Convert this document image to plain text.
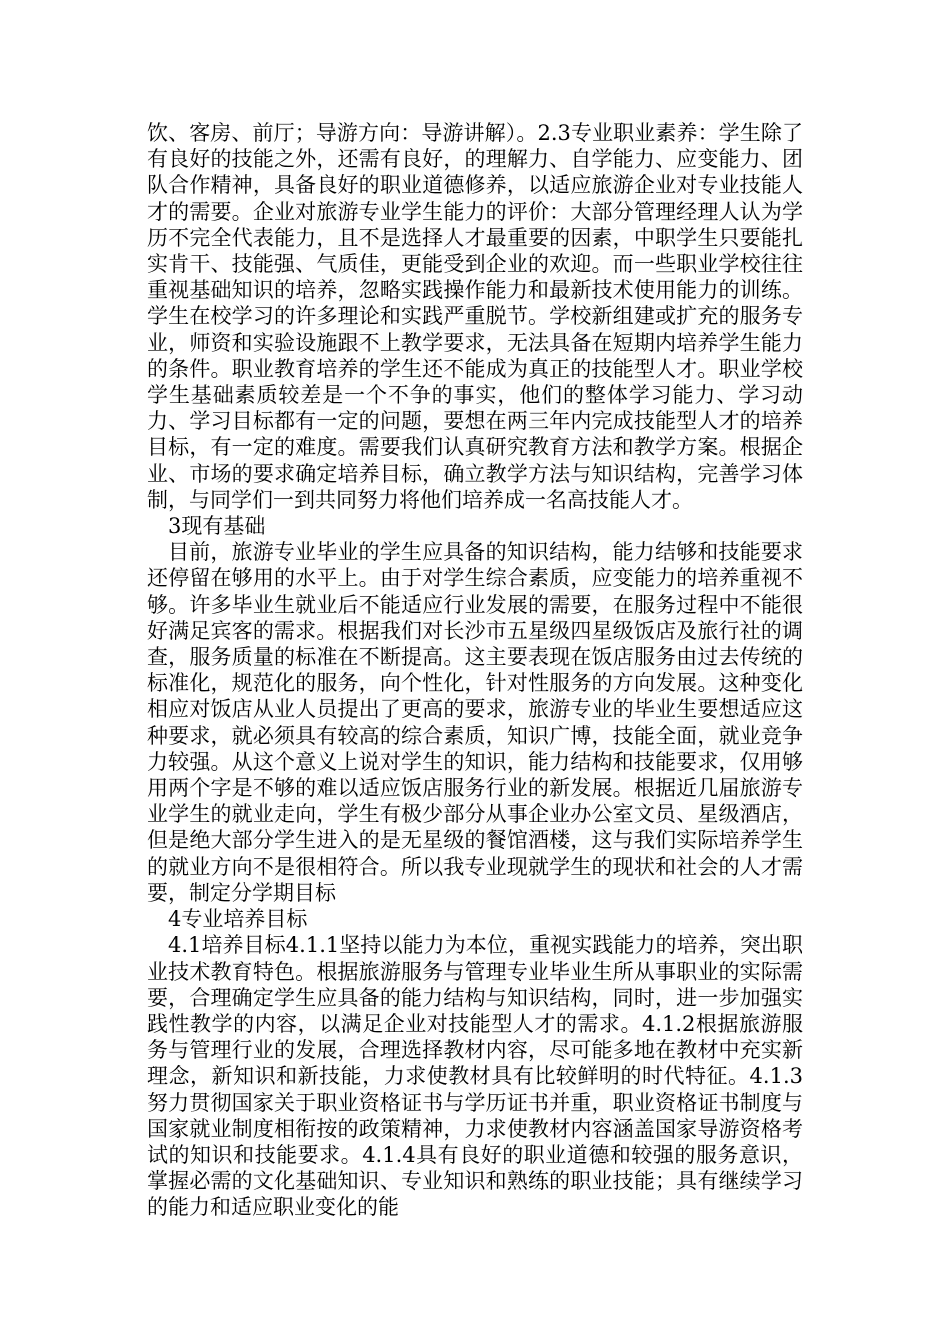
饮、客房、前厅；导游方向：导游讲解）。2.3专业职业素养：学生除了有良好的技能之外，还需有良好，的理解力、自学能力、应变能力、团队合作精神，具备良好的职业道德修养，以适应旅游企业对专业技能人才的需要。企业对旅游专业学生能力的评价：大部分管理经理人认为学历不完全代表能力，且不是选择人才最重要的因素，中职学生只要能扎实肯干、技能强、气质佳，更能受到企业的欢迎。而一些职业学校往往重视基础知识的培养，忽略实践操作能力和最新技术使用能力的训练。学生在校学习的许多理论和实践严重脱节。学校新组建或扩充的服务专业，师资和实验设施跟不上教学要求，无法具备在短期内培养学生能力的条件。职业教育培养的学生还不能成为真正的技能型人才。职业学校学生基础素质较差是一个不争的事实，他们的整体学习能力、学习动力、学习目标都有一定的问题，要想在两三年内完成技能型人才的培养目标，有一定的难度。需要我们认真研究教育方法和教学方案。根据企业、市场的要求确定培养目标，确立教学方法与知识结构，完善学习体制，与同学们一到共同努力将他们培养成一名高技能人才。

3现有基础

目前，旅游专业毕业的学生应具备的知识结构，能力结够和技能要求还停留在够用的水平上。由于对学生综合素质，应变能力的培养重视不够。许多毕业生就业后不能适应行业发展的需要，在服务过程中不能很好满足宾客的需求。根据我们对长沙市五星级四星级饭店及旅行社的调查，服务质量的标准在不断提高。这主要表现在饭店服务由过去传统的标准化，规范化的服务，向个性化，针对性服务的方向发展。这种变化相应对饭店从业人员提出了更高的要求，旅游专业的毕业生要想适应这种要求，就必须具有较高的综合素质，知识广博，技能全面，就业竞争力较强。从这个意义上说对学生的知识，能力结构和技能要求，仅用够用两个字是不够的难以适应饭店服务行业的新发展。根据近几届旅游专业学生的就业走向，学生有极少部分从事企业办公室文员、星级酒店，但是绝大部分学生进入的是无星级的餐馆酒楼，这与我们实际培养学生的就业方向不是很相符合。所以我专业现就学生的现状和社会的人才需要，制定分学期目标

4专业培养目标

4.1培养目标4.1.1坚持以能力为本位，重视实践能力的培养，突出职业技术教育特色。根据旅游服务与管理专业毕业生所从事职业的实际需要，合理确定学生应具备的能力结构与知识结构，同时，进一步加强实践性教学的内容，以满足企业对技能型人才的需求。4.1.2根据旅游服务与管理行业的发展，合理选择教材内容，尽可能多地在教材中充实新理念，新知识和新技能，力求使教材具有比较鲜明的时代特征。4.1.3努力贯彻国家关于职业资格证书与学历证书并重，职业资格证书制度与国家就业制度相衔按的政策精神，力求使教材内容涵盖国家导游资格考试的知识和技能要求。4.1.4具有良好的职业道德和较强的服务意识，掌握必需的文化基础知识、专业知识和熟练的职业技能；具有继续学习的能力和适应职业变化的能
